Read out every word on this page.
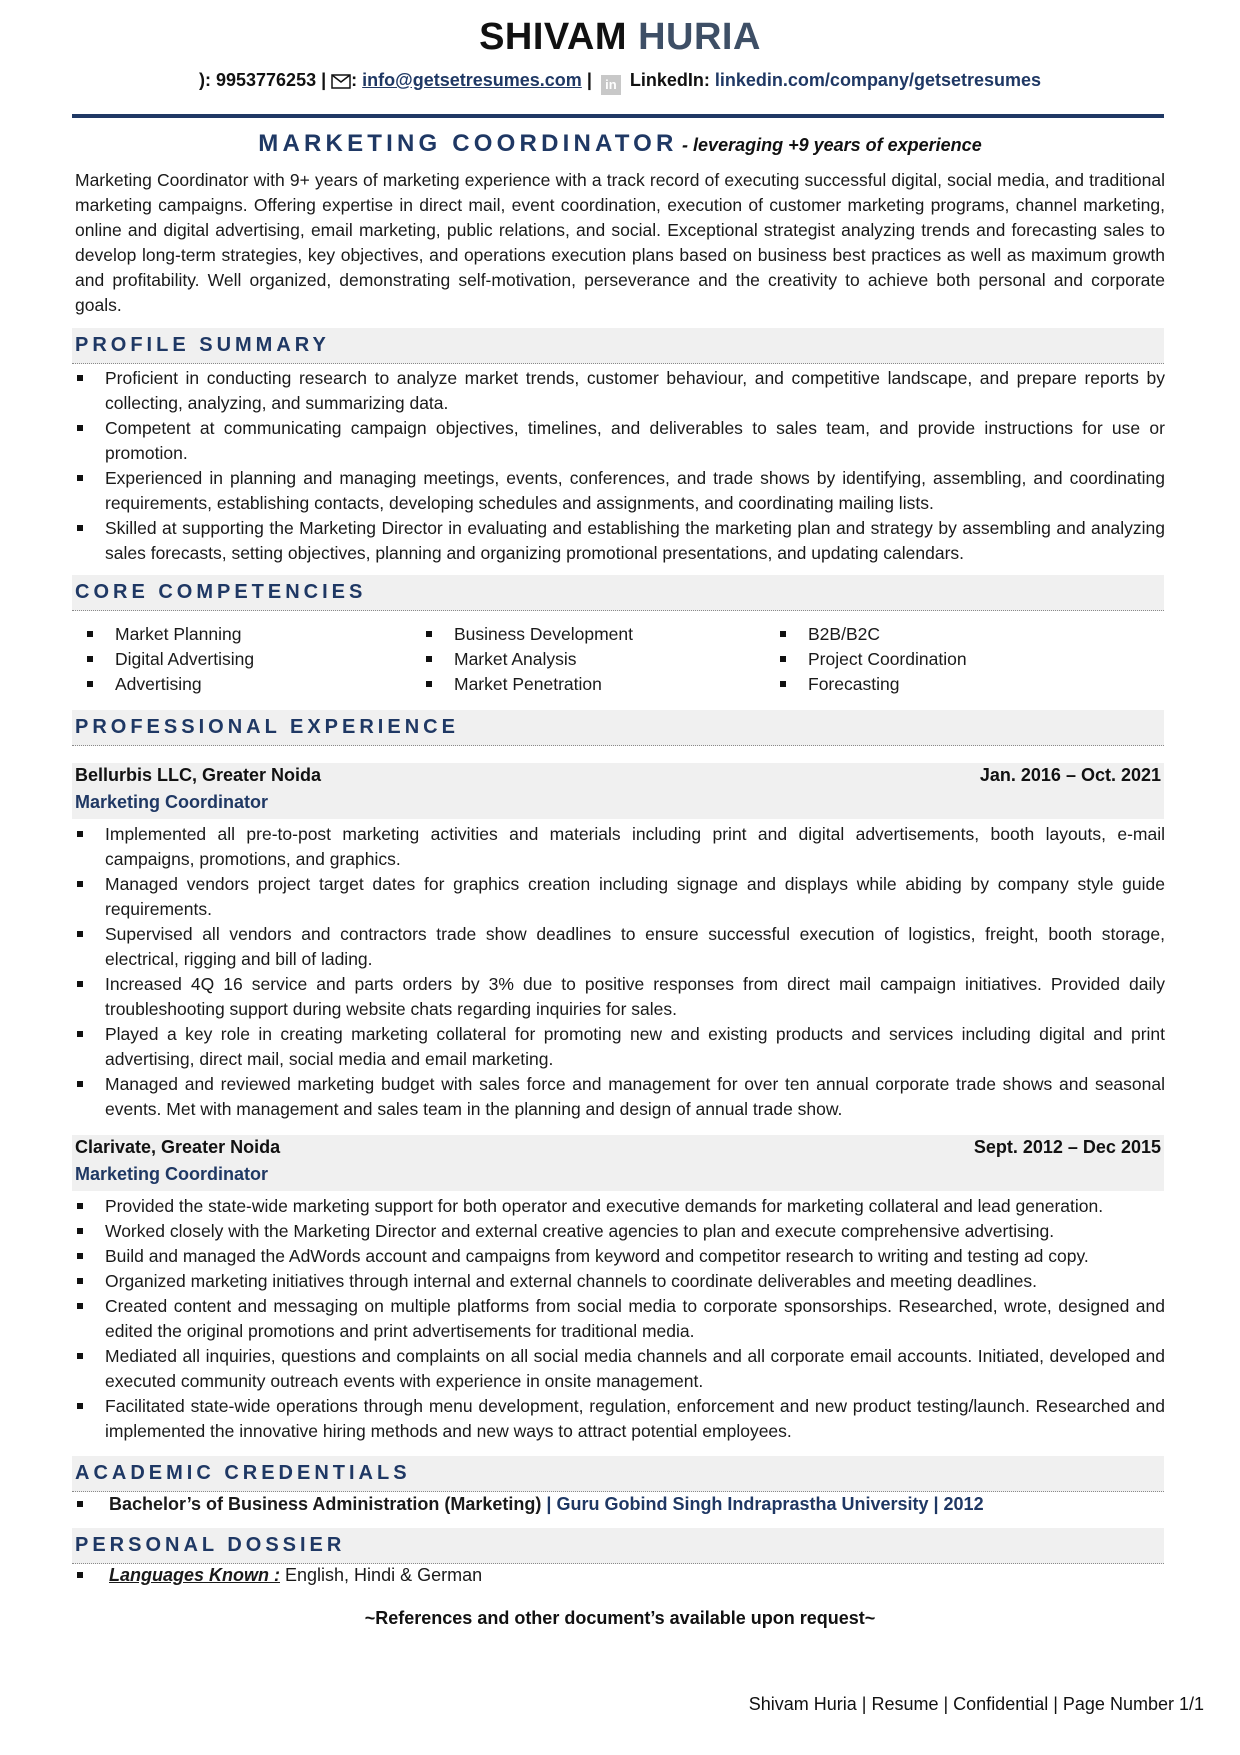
SHIVAM HURIA
): 9953776253 | : info@getsetresumes.com | in LinkedIn: linkedin.com/company/getsetresumes
MARKETING COORDINATOR - leveraging +9 years of experience

Marketing Coordinator with 9+ years of marketing experience with a track record of executing successful digital, social media, and traditional marketing campaigns. Offering expertise in direct mail, event coordination, execution of customer marketing programs, channel marketing, online and digital advertising, email marketing, public relations, and social. Exceptional strategist analyzing trends and forecasting sales to develop long-term strategies, key objectives, and operations execution plans based on business best practices as well as maximum growth and profitability. Well organized, demonstrating self-motivation, perseverance and the creativity to achieve both personal and corporate goals.

PROFILE SUMMARY
Proficient in conducting research to analyze market trends, customer behaviour, and competitive landscape, and prepare reports by collecting, analyzing, and summarizing data.
Competent at communicating campaign objectives, timelines, and deliverables to sales team, and provide instructions for use or promotion.
Experienced in planning and managing meetings, events, conferences, and trade shows by identifying, assembling, and coordinating requirements, establishing contacts, developing schedules and assignments, and coordinating mailing lists.
Skilled at supporting the Marketing Director in evaluating and establishing the marketing plan and strategy by assembling and analyzing sales forecasts, setting objectives, planning and organizing promotional presentations, and updating calendars.
CORE COMPETENCIES
Market Planning
Digital Advertising
Advertising
Business Development
Market Analysis
Market Penetration
B2B/B2C
Project Coordination
Forecasting
PROFESSIONAL EXPERIENCE
Bellurbis LLC, Greater Noida	Jan. 2016 – Oct. 2021
Marketing Coordinator
Implemented all pre-to-post marketing activities and materials including print and digital advertisements, booth layouts, e-mail campaigns, promotions, and graphics.
Managed vendors project target dates for graphics creation including signage and displays while abiding by company style guide requirements.
Supervised all vendors and contractors trade show deadlines to ensure successful execution of logistics, freight, booth storage, electrical, rigging and bill of lading.
Increased 4Q 16 service and parts orders by 3% due to positive responses from direct mail campaign initiatives. Provided daily troubleshooting support during website chats regarding inquiries for sales.
Played a key role in creating marketing collateral for promoting new and existing products and services including digital and print advertising, direct mail, social media and email marketing.
Managed and reviewed marketing budget with sales force and management for over ten annual corporate trade shows and seasonal events. Met with management and sales team in the planning and design of annual trade show.
Clarivate, Greater Noida	Sept. 2012 – Dec 2015
Marketing Coordinator
Provided the state-wide marketing support for both operator and executive demands for marketing collateral and lead generation.
Worked closely with the Marketing Director and external creative agencies to plan and execute comprehensive advertising.
Build and managed the AdWords account and campaigns from keyword and competitor research to writing and testing ad copy.
Organized marketing initiatives through internal and external channels to coordinate deliverables and meeting deadlines.
Created content and messaging on multiple platforms from social media to corporate sponsorships. Researched, wrote, designed and edited the original promotions and print advertisements for traditional media.
Mediated all inquiries, questions and complaints on all social media channels and all corporate email accounts. Initiated, developed and executed community outreach events with experience in onsite management.
Facilitated state-wide operations through menu development, regulation, enforcement and new product testing/launch. Researched and implemented the innovative hiring methods and new ways to attract potential employees.
ACADEMIC CREDENTIALS
Bachelor’s of Business Administration (Marketing) | Guru Gobind Singh Indraprastha University | 2012
PERSONAL DOSSIER
Languages Known : English, Hindi & German
~References and other document’s available upon request~
Shivam Huria | Resume | Confidential | Page Number 1/1
